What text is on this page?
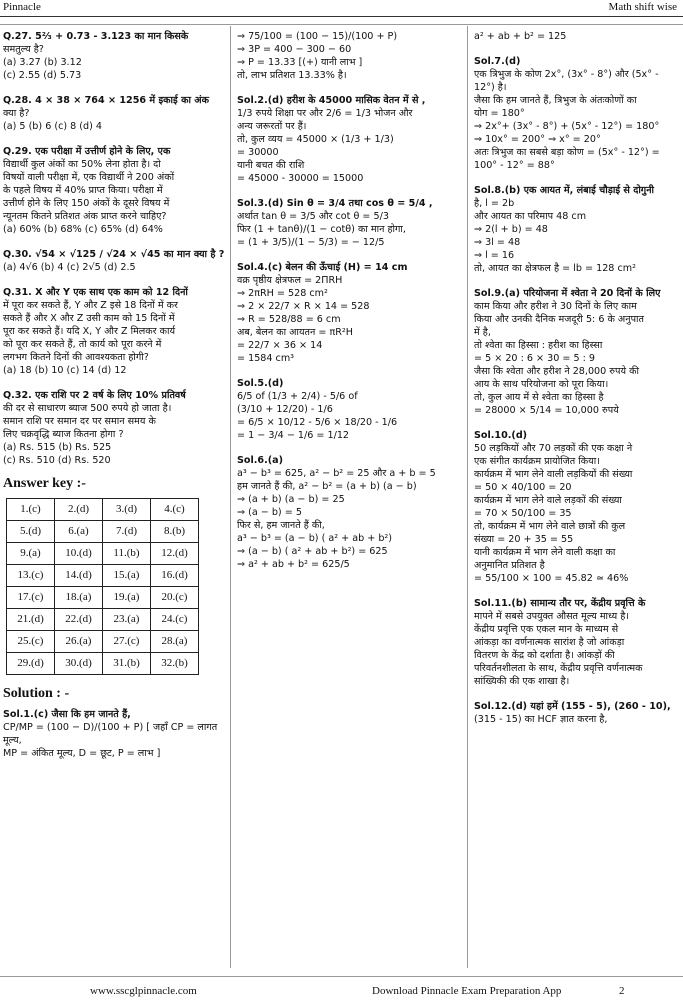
Pinnacle	Math shift wise

Q.27. 5⅔ + 0.73 - 3.123 का मान किसके

समतुल्य है?

(a) 3.27 (b) 3.12

(c) 2.55 (d) 5.73

Q.28. 4 × 38 × 764 × 1256 में इकाई का अंक

क्या है?

(a) 5 (b) 6 (c) 8 (d) 4

Q.29. एक परीक्षा में उत्तीर्ण होने के लिए, एक

विद्यार्थी कुल अंकों का 50% लेना होता है। दो

विषयों वाली परीक्षा में, एक विद्यार्थी ने 200 अंकों

के पहले विषय में 40% प्राप्त किया। परीक्षा में

उत्तीर्ण होने के लिए 150 अंकों के दूसरे विषय में

न्यूनतम कितने प्रतिशत अंक प्राप्त करने चाहिए?

(a) 60% (b) 68% (c) 65% (d) 64%

Q.30. √54 × √125 / √24 × √45 का मान क्या है ?

(a) 4√6 (b) 4 (c) 2√5 (d) 2.5

Q.31. X और Y एक साथ एक काम को 12 दिनों

में पूरा कर सकते हैं, Y और Z इसे 18 दिनों में कर

सकते हैं और X और Z उसी काम को 15 दिनों में

पूरा कर सकते हैं। यदि X, Y और Z मिलकर कार्य

को पूरा कर सकते हैं, तो कार्य को पूरा करने में

लगभग कितने दिनों की आवश्यकता होगी?

(a) 18 (b) 10 (c) 14 (d) 12

Q.32. एक राशि पर 2 वर्ष के लिए 10% प्रतिवर्ष

की दर से साधारण ब्याज 500 रुपये हो जाता है।

समान राशि पर समान दर पर समान समय के

लिए चक्रवृद्धि ब्याज कितना होगा ?

(a) Rs. 515 (b) Rs. 525

(c) Rs. 510 (d) Rs. 520

Answer key :-
1.(c)	2.(d)	3.(d)	4.(c)
5.(d)	6.(a)	7.(d)	8.(b)
9.(a)	10.(d)	11.(b)	12.(d)
13.(c)	14.(d)	15.(a)	16.(d)
17.(c)	18.(a)	19.(a)	20.(c)
21.(d)	22.(d)	23.(a)	24.(c)
25.(c)	26.(a)	27.(c)	28.(a)
29.(d)	30.(d)	31.(b)	32.(b)
Solution : -

Sol.1.(c) जैसा कि हम जानते हैं,

CP/MP = (100 − D)/(100 + P) [ जहाँ CP = लागत मूल्य,

MP = अंकित मूल्य, D = छूट, P = लाभ ]

⇒ 75/100 = (100 − 15)/(100 + P)

⇒ 3P = 400 − 300 − 60

⇒ P = 13.33 [(+) यानी लाभ ]

तो, लाभ प्रतिशत 13.33% है।

Sol.2.(d) हरीश के 45000 मासिक वेतन में से ,

1/3 रुपये शिक्षा पर और 2/6 = 1/3 भोजन और

अन्य जरूरतों पर हैं।

तो, कुल व्यय = 45000 × (1/3 + 1/3)

= 30000

यानी बचत की राशि

= 45000 - 30000 = 15000

Sol.3.(d) Sin θ = 3/4 तथा cos θ = 5/4 ,

अर्थात tan θ = 3/5 और cot θ = 5/3

फिर (1 + tanθ)/(1 − cotθ) का मान होगा,

= (1 + 3/5)/(1 − 5/3) = − 12/5

Sol.4.(c) बेलन की ऊँचाई (H) = 14 cm

वक्र पृष्ठीय क्षेत्रफल = 2ΠRH

⇒ 2πRH = 528 cm²

⇒ 2 × 22/7 × R × 14 = 528

⇒ R = 528/88 = 6 cm

अब, बेलन का आयतन = πR²H

= 22/7 × 36 × 14

= 1584 cm³

Sol.5.(d)

6/5 of (1/3 + 2/4) - 5/6 of

(3/10 + 12/20) - 1/6

= 6/5 × 10/12 - 5/6 × 18/20 - 1/6

= 1 − 3/4 − 1/6 = 1/12

Sol.6.(a)

a³ − b³ = 625, a² − b² = 25 और a + b = 5

हम जानते हैं की, a² − b² = (a + b) (a − b)

⇒ (a + b) (a − b) = 25

⇒ (a − b) = 5

फिर से, हम जानते हैं की,

a³ − b³ = (a − b) ( a² + ab + b²)

⇒ (a − b) ( a² + ab + b²) = 625

⇒ a² + ab + b² = 625/5

a² + ab + b² = 125

Sol.7.(d)

एक त्रिभुज के कोण 2x°, (3x° - 8°) और (5x° -

12°) है।

जैसा कि हम जानते हैं, त्रिभुज के अंतःकोणों का

योग = 180°

⇒ 2x°+ (3x° - 8°) + (5x° - 12°) = 180°

⇒ 10x° = 200° ⇒ x° = 20°

अतः त्रिभुज का सबसे बड़ा कोण = (5x° - 12°) =

100° - 12° = 88°

Sol.8.(b) एक आयत में, लंबाई चौड़ाई से दोगुनी

है, l = 2b

और आयत का परिमाप 48 cm

⇒ 2(l + b) = 48

⇒ 3l = 48

⇒ l = 16

तो, आयत का क्षेत्रफल है = lb = 128 cm²

Sol.9.(a) परियोजना में श्वेता ने 20 दिनों के लिए

काम किया और हरीश ने 30 दिनों के लिए काम

किया और उनकी दैनिक मजदूरी 5: 6 के अनुपात

में है,

तो श्वेता का हिस्सा : हरीश का हिस्सा

= 5 × 20 : 6 × 30 = 5 : 9

जैसा कि श्वेता और हरीश ने 28,000 रुपये की

आय के साथ परियोजना को पूरा किया।

तो, कुल आय में से श्वेता का हिस्सा है

= 28000 × 5/14 = 10,000 रुपये

Sol.10.(d)

50 लड़कियों और 70 लड़कों की एक कक्षा ने

एक संगीत कार्यक्रम प्रायोजित किया।

कार्यक्रम में भाग लेने वाली लड़कियों की संख्या

= 50 × 40/100 = 20

कार्यक्रम में भाग लेने वाले लड़कों की संख्या

= 70 × 50/100 = 35

तो, कार्यक्रम में भाग लेने वाले छात्रों की कुल

संख्या = 20 + 35 = 55

यानी कार्यक्रम में भाग लेने वाली कक्षा का

अनुमानित प्रतिशत है

= 55/100 × 100 = 45.82 ≃ 46%

Sol.11.(b) सामान्य तौर पर, केंद्रीय प्रवृत्ति के

मापने में सबसे उपयुक्त औसत मूल्य माध्य है।

केंद्रीय प्रवृत्ति एक एकल मान के माध्यम से

आंकड़ा का वर्णनात्मक सारांश है जो आंकड़ा

वितरण के केंद्र को दर्शाता है। आंकड़ों की

परिवर्तनशीलता के साथ, केंद्रीय प्रवृत्ति वर्णनात्मक

सांख्यिकी की एक शाखा है।

Sol.12.(d) यहां हमें (155 - 5), (260 - 10),

(315 - 15) का HCF ज्ञात करना है,

www.sscglpinnacle.com	Download Pinnacle Exam Preparation App	2
